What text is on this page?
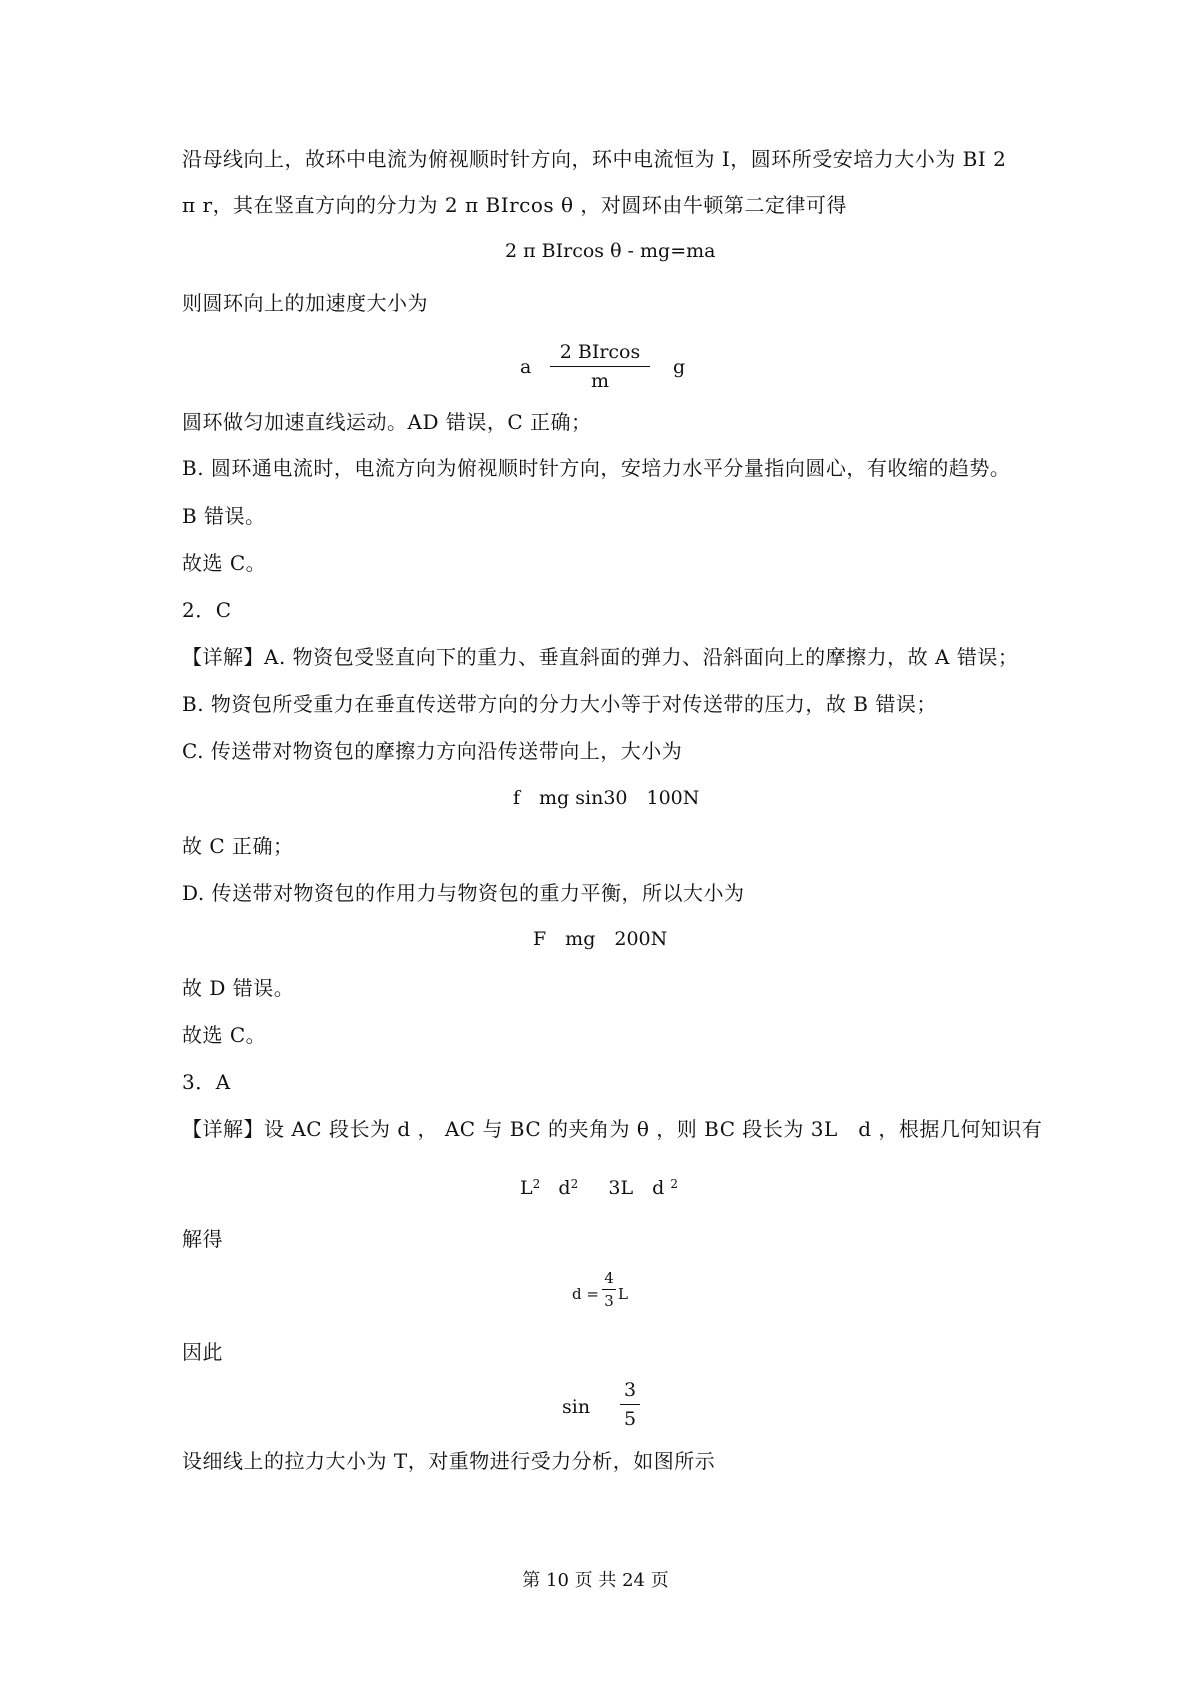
沿母线向上，故环中电流为俯视顺时针方向，环中电流恒为 I，圆环所受安培力大小为 BI 2
π r，其在竖直方向的分力为 2 π BIrcos θ ，对圆环由牛顿第二定律可得
2 π BIrcos θ - mg=ma
则圆环向上的加速度大小为
a
2 BIrcos
m
g
圆环做匀加速直线运动。AD 错误，C 正确；
B. 圆环通电流时，电流方向为俯视顺时针方向，安培力水平分量指向圆心，有收缩的趋势。
B 错误。
故选 C。
2．C
【详解】A. 物资包受竖直向下的重力、垂直斜面的弹力、沿斜面向上的摩擦力，故 A 错误；
B. 物资包所受重力在垂直传送带方向的分力大小等于对传送带的压力，故 B 错误；
C. 传送带对物资包的摩擦力方向沿传送带向上，大小为
f　mg sin30　100N
故 C 正确；
D. 传送带对物资包的作用力与物资包的重力平衡，所以大小为
F　mg　200N
故 D 错误。
故选 C。
3．A
【详解】设 AC 段长为 d ， AC 与 BC 的夹角为 θ ，则 BC 段长为 3L　d ，根据几何知识有
$L^2$ $d^2$ 3L　d $^2$
解得
d =
4
3 L
因此
sin
3
5
设细线上的拉力大小为 T，对重物进行受力分析，如图所示
第 10 页 共 24 页
